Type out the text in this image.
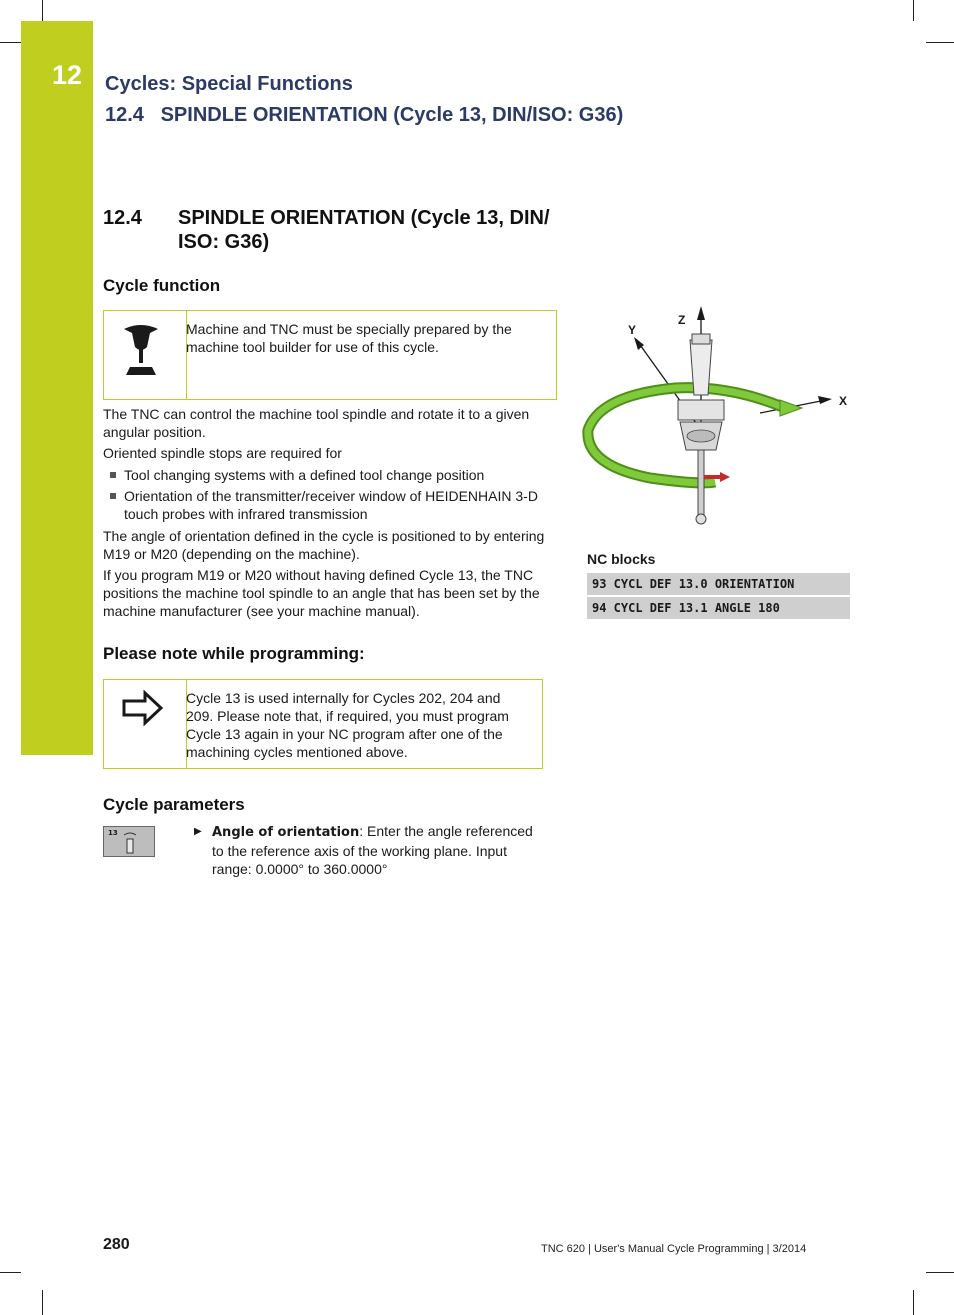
12 Cycles: Special Functions
12.4   SPINDLE ORIENTATION (Cycle 13, DIN/ISO: G36)
12.4 SPINDLE ORIENTATION (Cycle 13, DIN/ ISO: G36)
Cycle function
Machine and TNC must be specially prepared by the machine tool builder for use of this cycle.
The TNC can control the machine tool spindle and rotate it to a given angular position.
Oriented spindle stops are required for
Tool changing systems with a defined tool change position
Orientation of the transmitter/receiver window of HEIDENHAIN 3-D touch probes with infrared transmission
The angle of orientation defined in the cycle is positioned to by entering M19 or M20 (depending on the machine).
If you program M19 or M20 without having defined Cycle 13, the TNC positions the machine tool spindle to an angle that has been set by the machine manufacturer (see your machine manual).
Please note while programming:
Cycle 13 is used internally for Cycles 202, 204 and 209. Please note that, if required, you must program Cycle 13 again in your NC program after one of the machining cycles mentioned above.
Cycle parameters
13	▶ Angle of orientation: Enter the angle referenced to the reference axis of the working plane. Input range: 0.0000° to 360.0000°
Z
Y
X
NC blocks
93 CYCL DEF 13.0 ORIENTATION
94 CYCL DEF 13.1 ANGLE 180
280	TNC 620 | User's Manual Cycle Programming | 3/2014
